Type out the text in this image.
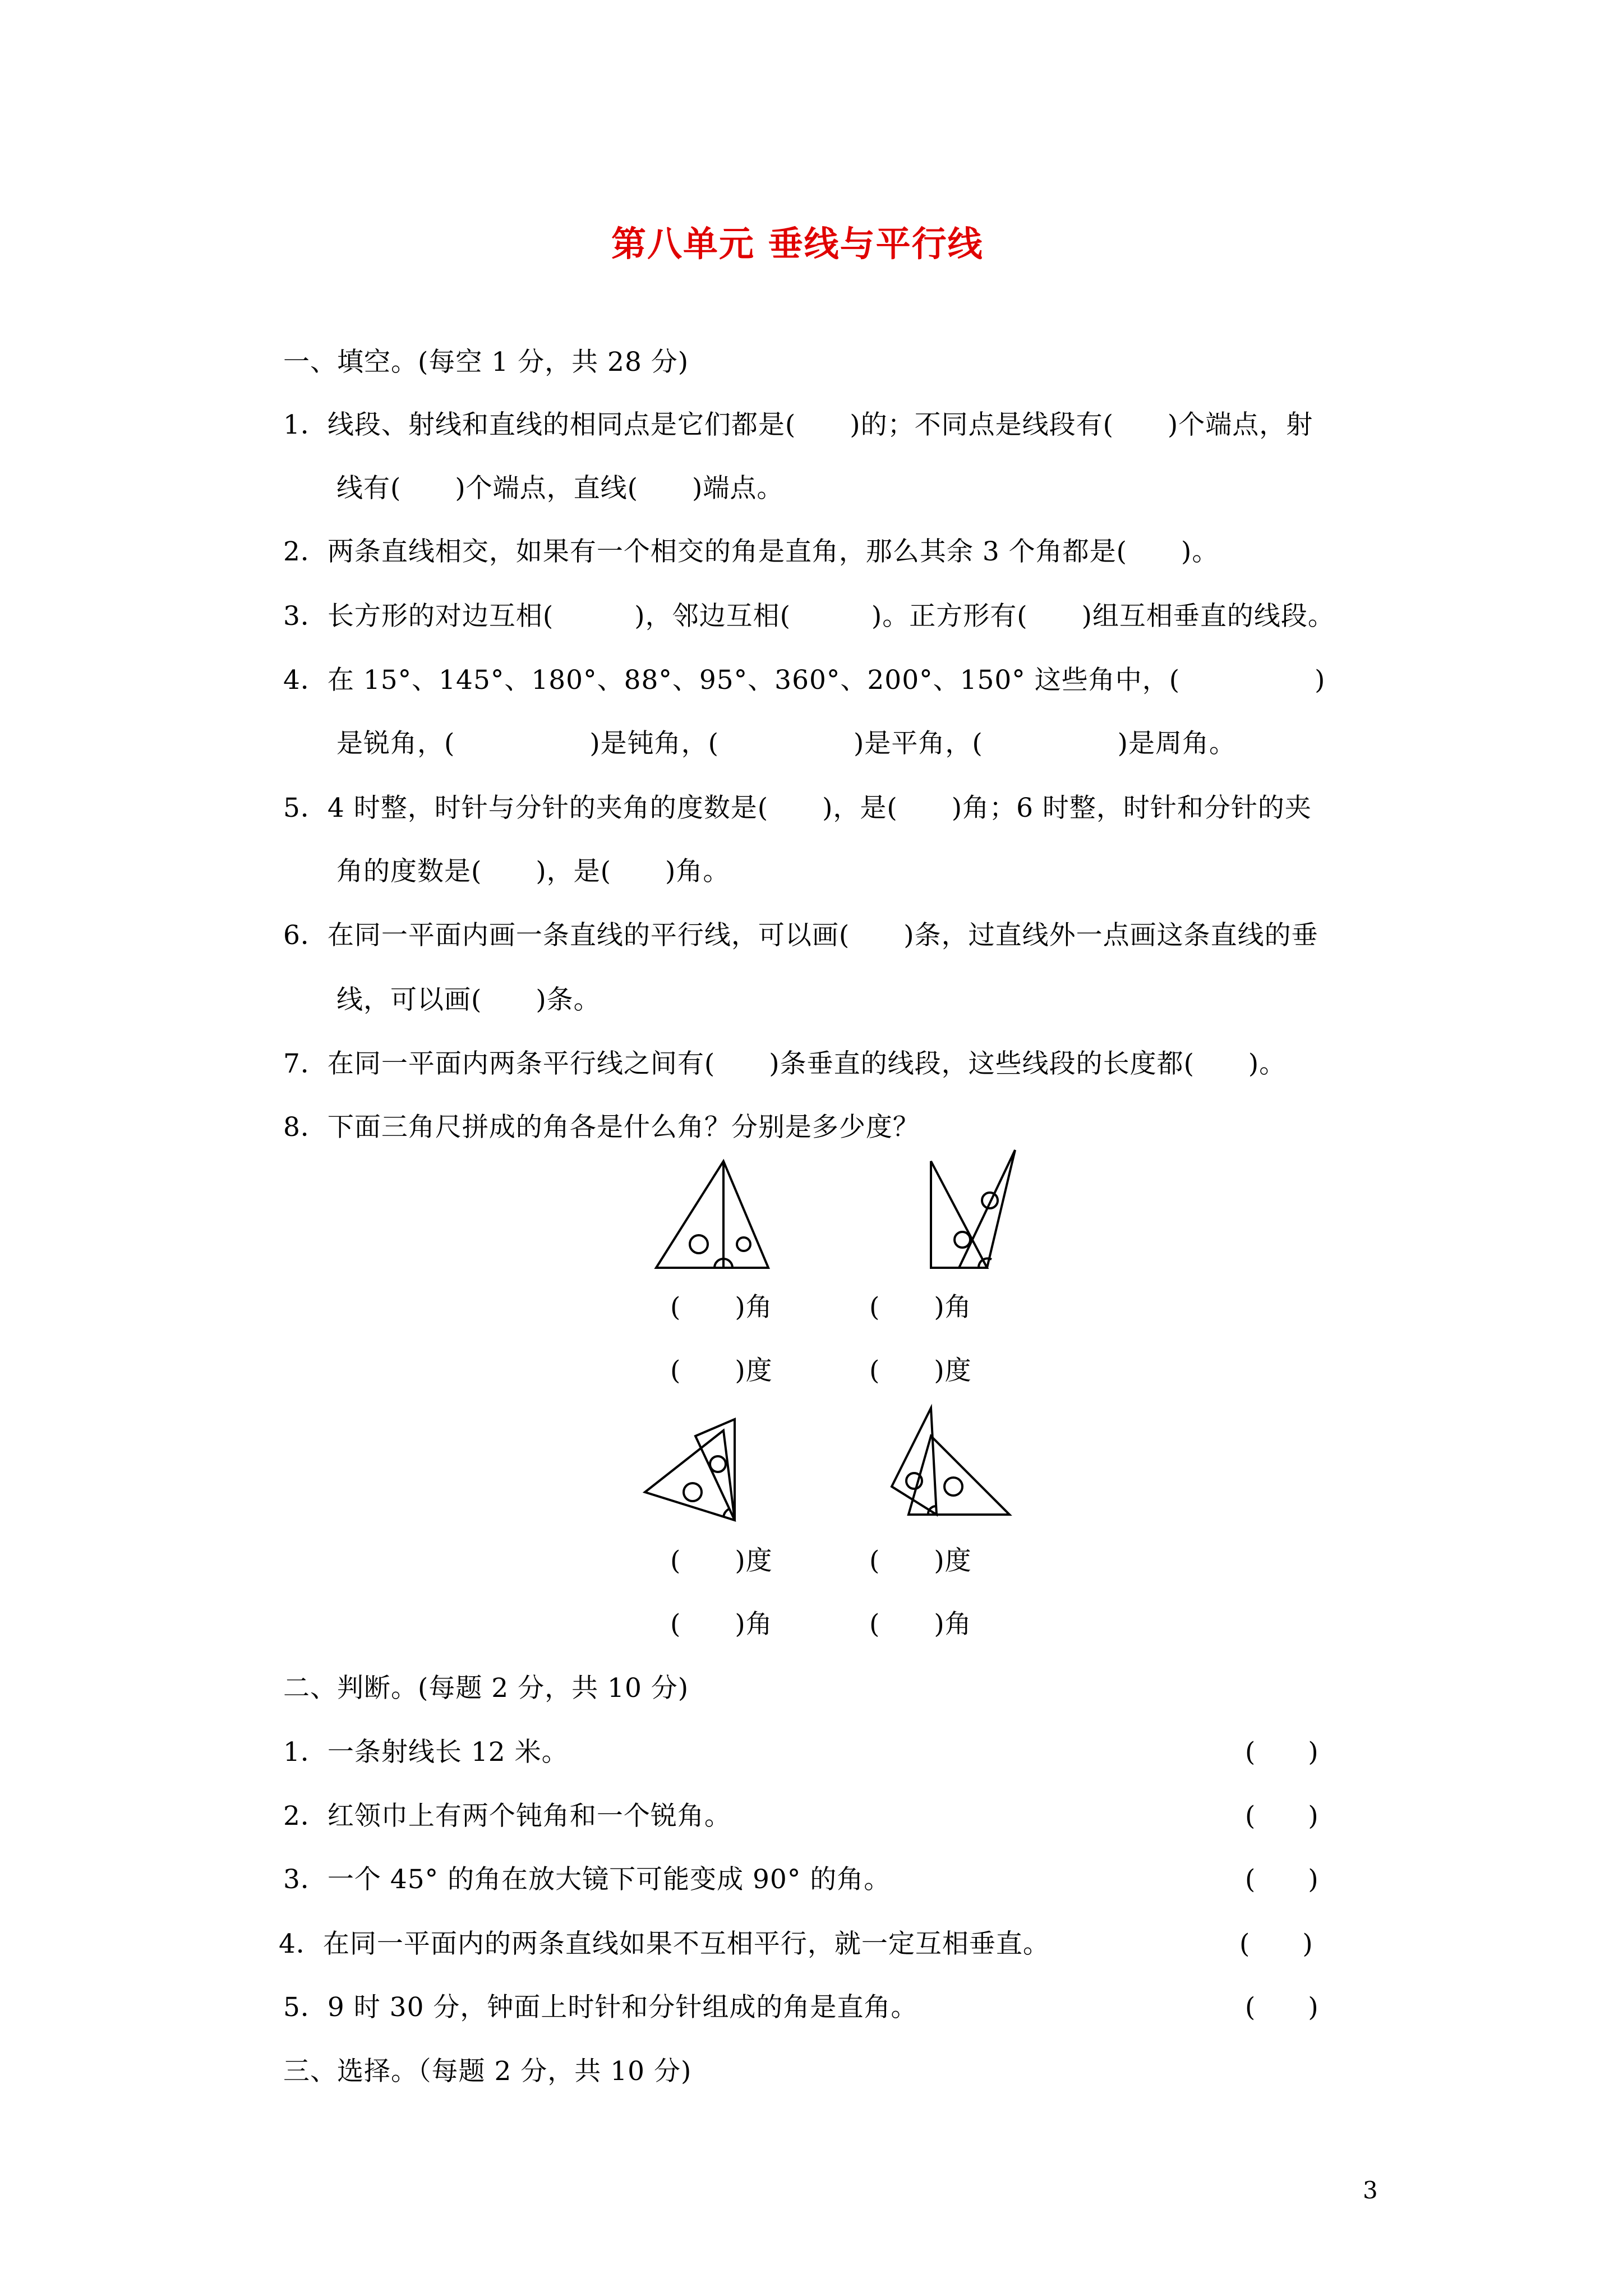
第八单元 垂线与平行线
一、填空。(每空 1 分，共 28 分)
1．线段、射线和直线的相同点是它们都是(　　)的；不同点是线段有(　　)个端点，射
线有(　　)个端点，直线(　　)端点。
2．两条直线相交，如果有一个相交的角是直角，那么其余 3 个角都是(　　)。
3．长方形的对边互相(　　　)，邻边互相(　　　)。正方形有(　　)组互相垂直的线段。
4．在 15°、145°、180°、88°、95°、360°、200°、150° 这些角中，(　　　　　)
是锐角，(　　　　　)是钝角，(　　　　　)是平角，(　　　　　)是周角。
5．4 时整，时针与分针的夹角的度数是(　　)，是(　　)角；6 时整，时针和分针的夹
角的度数是(　　)，是(　　)角。
6．在同一平面内画一条直线的平行线，可以画(　　)条，过直线外一点画这条直线的垂
线，可以画(　　)条。
7．在同一平面内两条平行线之间有(　　)条垂直的线段，这些线段的长度都(　　)。
8．下面三角尺拼成的角各是什么角？分别是多少度？
(　　)角	(　　)角
(　　)度	(　　)度
(　　)度	(　　)度
(　　)角	(　　)角
二、判断。(每题 2 分，共 10 分)
1．一条射线长 12 米。	(　　)
2．红领巾上有两个钝角和一个锐角。	(　　)
3．一个 45° 的角在放大镜下可能变成 90° 的角。	(　　)
4．在同一平面内的两条直线如果不互相平行，就一定互相垂直。	(　　)
5．9 时 30 分，钟面上时针和分针组成的角是直角。	(　　)
三、选择。（每题 2 分，共 10 分)
3
